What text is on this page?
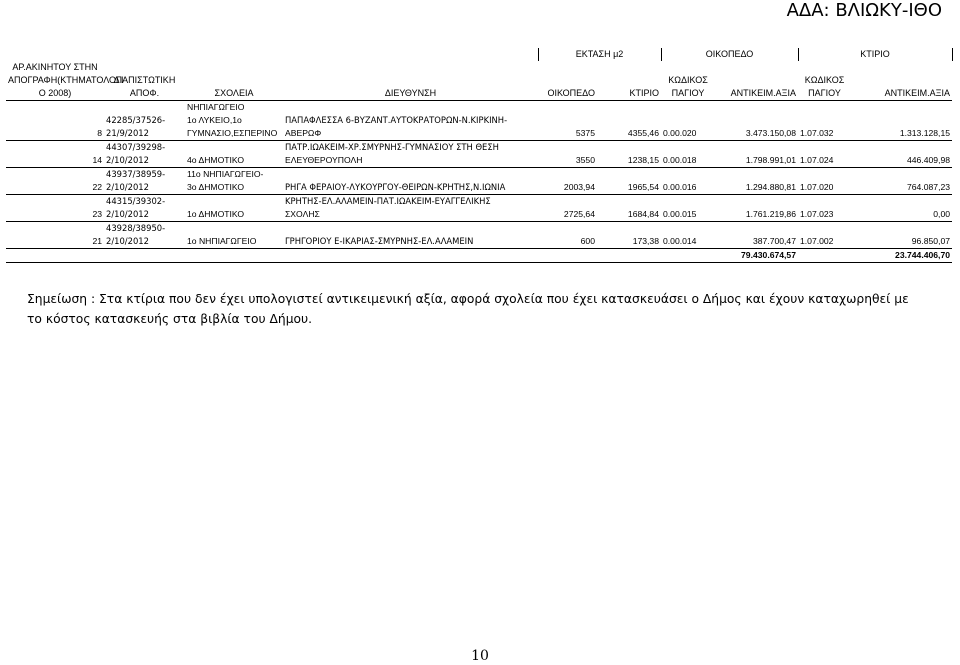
ΑΔΑ: ΒΛΙΩΚΥ-ΙΘΟ
				ΕΚΤΑΣΗ μ2		ΟΙΚΟΠΕΔΟ		ΚΤΙΡΙΟ	
ΑΡ.ΑΚΙΝΗΤΟΥ ΣΤΗΝ									
ΑΠΟΓΡΑΦΗ(ΚΤΗΜΑΤΟΛΟΓΙ	ΔΙΑΠΙΣΤΩΤΙΚΗ					ΚΩΔΙΚΟΣ		ΚΩΔΙΚΟΣ	
Ο 2008)	ΑΠΟΦ.	ΣΧΟΛΕΙΑ	ΔΙΕΥΘΥΝΣΗ	ΟΙΚΟΠΕΔΟ	ΚΤΙΡΙΟ	ΠΑΓΙΟΥ	ΑΝΤΙΚΕΙΜ.ΑΞΙΑ	ΠΑΓΙΟΥ	ΑΝΤΙΚΕΙΜ.ΑΞΙΑ
		ΝΗΠΙΑΓΩΓΕΙΟ							
	42285/37526-	1ο ΛΥΚΕΙΟ,1ο	ΠΑΠΑΦΛΕΣΣΑ 6-ΒΥΖΑΝΤ.ΑΥΤΟΚΡΑΤΟΡΩΝ-Ν.ΚΙΡΚΙΝΗ-						
8	21/9/2012	ΓΥΜΝΑΣΙΟ,ΕΣΠΕΡΙΝΟ	ΑΒΕΡΩΦ	5375	4355,46	0.00.020	3.473.150,08	1.07.032	1.313.128,15
	44307/39298-		ΠΑΤΡ.ΙΩΑΚΕΙΜ-ΧΡ.ΣΜΥΡΝΗΣ-ΓΥΜΝΑΣΙΟΥ ΣΤΗ ΘΕΣΗ						
14	2/10/2012	4ο ΔΗΜΟΤΙΚΟ	ΕΛΕΥΘΕΡΟΥΠΟΛΗ	3550	1238,15	0.00.018	1.798.991,01	1.07.024	446.409,98
	43937/38959-	11ο ΝΗΠΙΑΓΩΓΕΙΟ-							
22	2/10/2012	3ο ΔΗΜΟΤΙΚΟ	ΡΗΓΑ ΦΕΡΑΙΟΥ-ΛΥΚΟΥΡΓΟΥ-ΘΕΙΡΩΝ-ΚΡΗΤΗΣ,Ν.ΙΩΝΙΑ	2003,94	1965,54	0.00.016	1.294.880,81	1.07.020	764.087,23
	44315/39302-		ΚΡΗΤΗΣ-ΕΛ.ΑΛΑΜΕΙΝ-ΠΑΤ.ΙΩΑΚΕΙΜ-ΕΥΑΓΓΕΛΙΚΗΣ						
23	2/10/2012	1ο ΔΗΜΟΤΙΚΟ	ΣΧΟΛΗΣ	2725,64	1684,84	0.00.015	1.761.219,86	1.07.023	0,00
	43928/38950-								
21	2/10/2012	1ο ΝΗΠΙΑΓΩΓΕΙΟ	ΓΡΗΓΟΡΙΟΥ Ε-ΙΚΑΡΙΑΣ-ΣΜΥΡΝΗΣ-ΕΛ.ΑΛΑΜΕΙΝ	600	173,38	0.00.014	387.700,47	1.07.002	96.850,07
							79.430.674,57		23.744.406,70
Σημείωση : Στα κτίρια που δεν έχει υπολογιστεί αντικειμενική αξία, αφορά σχολεία που έχει κατασκευάσει ο Δήμος και έχουν καταχωρηθεί με
το κόστος κατασκευής στα βιβλία του Δήμου.
10
